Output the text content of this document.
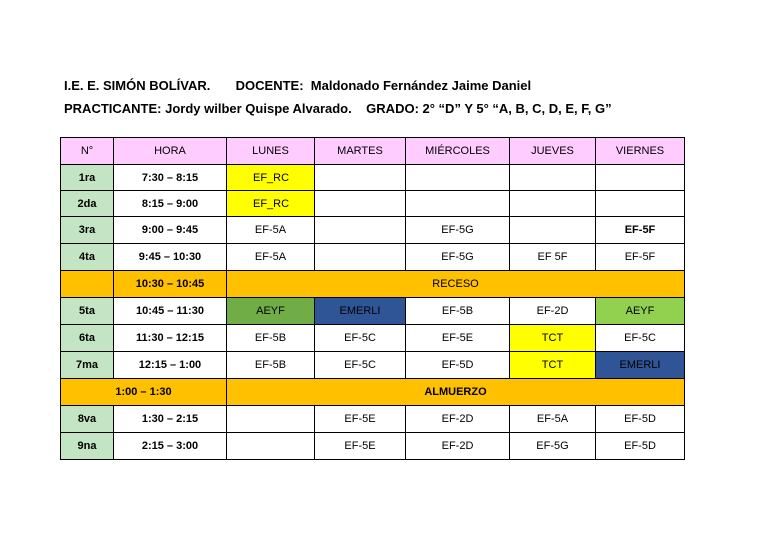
I.E. E. SIMÓN BOLÍVAR.       DOCENTE:  Maldonado Fernández Jaime Daniel
PRACTICANTE: Jordy wilber Quispe Alvarado.    GRADO: 2° “D” Y 5° “A, B, C, D, E, F, G”
N°	HORA	LUNES	MARTES	MIÉRCOLES	JUEVES	VIERNES
1ra	7:30 – 8:15	EF_RC				
2da	8:15 – 9:00	EF_RC				
3ra	9:00 – 9:45	EF-5A		EF-5G		EF-5F
4ta	9:45 – 10:30	EF-5A		EF-5G	EF 5F	EF-5F
	10:30 – 10:45	RECESO				
5ta	10:45 – 11:30	AEYF	EMERLI	EF-5B	EF-2D	AEYF
6ta	11:30 – 12:15	EF-5B	EF-5C	EF-5E	TCT	EF-5C
7ma	12:15 – 1:00	EF-5B	EF-5C	EF-5D	TCT	EMERLI
1:00 – 1:30		ALMUERZO				
8va	1:30 – 2:15		EF-5E	EF-2D	EF-5A	EF-5D
9na	2:15 – 3:00		EF-5E	EF-2D	EF-5G	EF-5D
